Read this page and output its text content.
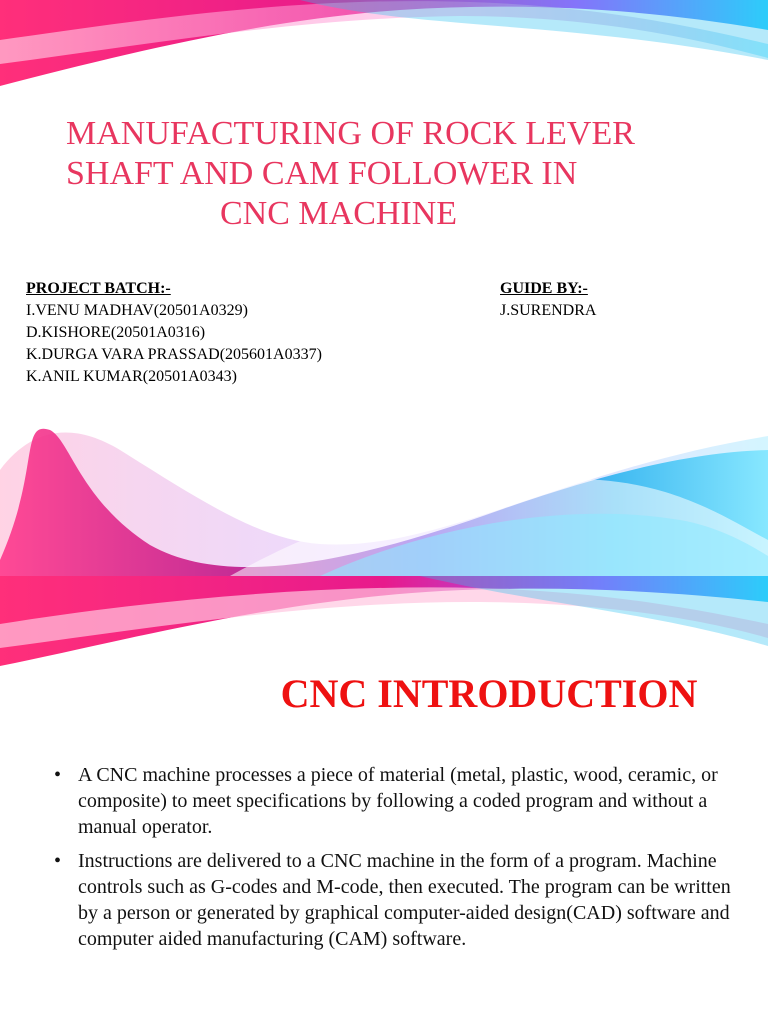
MANUFACTURING OF ROCK LEVER
SHAFT AND CAM FOLLOWER IN
CNC MACHINE
PROJECT BATCH:-
I.VENU MADHAV(20501A0329)
D.KISHORE(20501A0316)
K.DURGA VARA PRASSAD(205601A0337)
K.ANIL KUMAR(20501A0343)
GUIDE BY:-
J.SURENDRA
CNC INTRODUCTION
• A CNC machine processes a piece of material (metal, plastic, wood, ceramic, or composite) to meet specifications by following a coded program and without a manual operator.
• Instructions are delivered to a CNC machine in the form of a program. Machine controls such as G-codes and M-code, then executed. The program can be written by a person or generated by graphical computer-aided design(CAD) software and computer aided manufacturing (CAM) software.
